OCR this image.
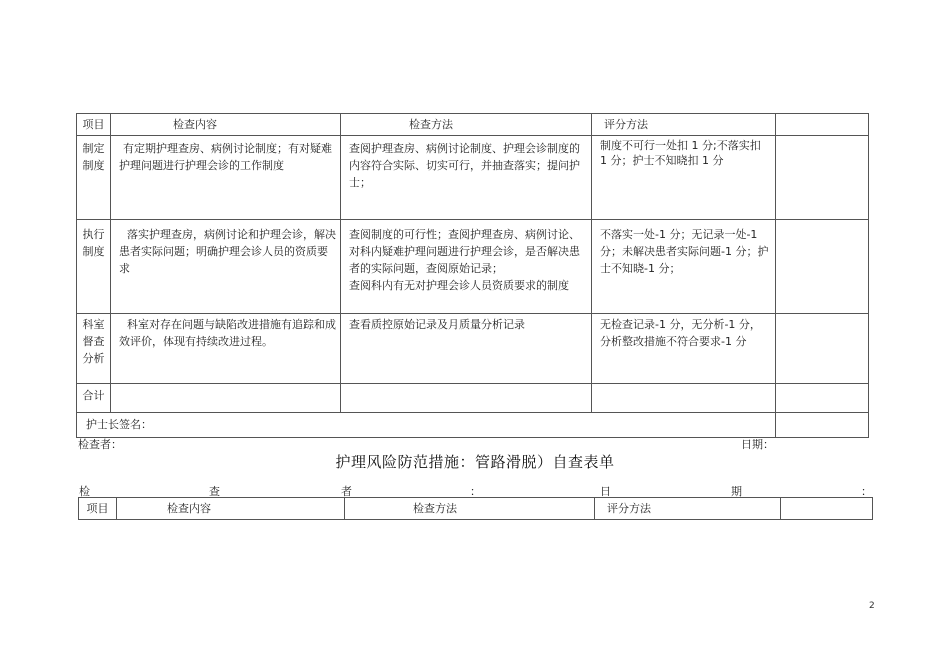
项目	检查内容	检查方法	评分方法	
制定制度	有定期护理查房、病例讨论制度；有对疑难护理问题进行护理会诊的工作制度	查阅护理查房、病例讨论制度、护理会诊制度的内容符合实际、切实可行，并抽查落实；提问护士；	制度不可行一处扣 1 分;不落实扣
1 分；护士不知晓扣 1 分	

执行制度	落实护理查房，病例讨论和护理会诊，解决患者实际问题；明确护理会诊人员的资质要求	查阅制度的可行性；查阅护理查房、病例讨论、对科内疑难护理问题进行护理会诊，是否解决患者的实际问题，查阅原始记录；
查阅科内有无对护理会诊人员资质要求的制度	不落实一处-1 分；无记录一处-1 分；未解决患者实际问题-1 分；护士不知晓-1 分；	
科室督查分析	科室对存在问题与缺陷改进措施有追踪和成效评价，体现有持续改进过程。	查看质控原始记录及月质量分析记录	无检查记录-1 分，无分析-1 分，分析整改措施不符合要求-1 分	
合计				
护士长签名：				
检查者：	日期：
护理风险防范措施：管路滑脱）自查表单
检	查	者	：	日	期	：
项目	检查内容	检查方法	评分方法	
2
